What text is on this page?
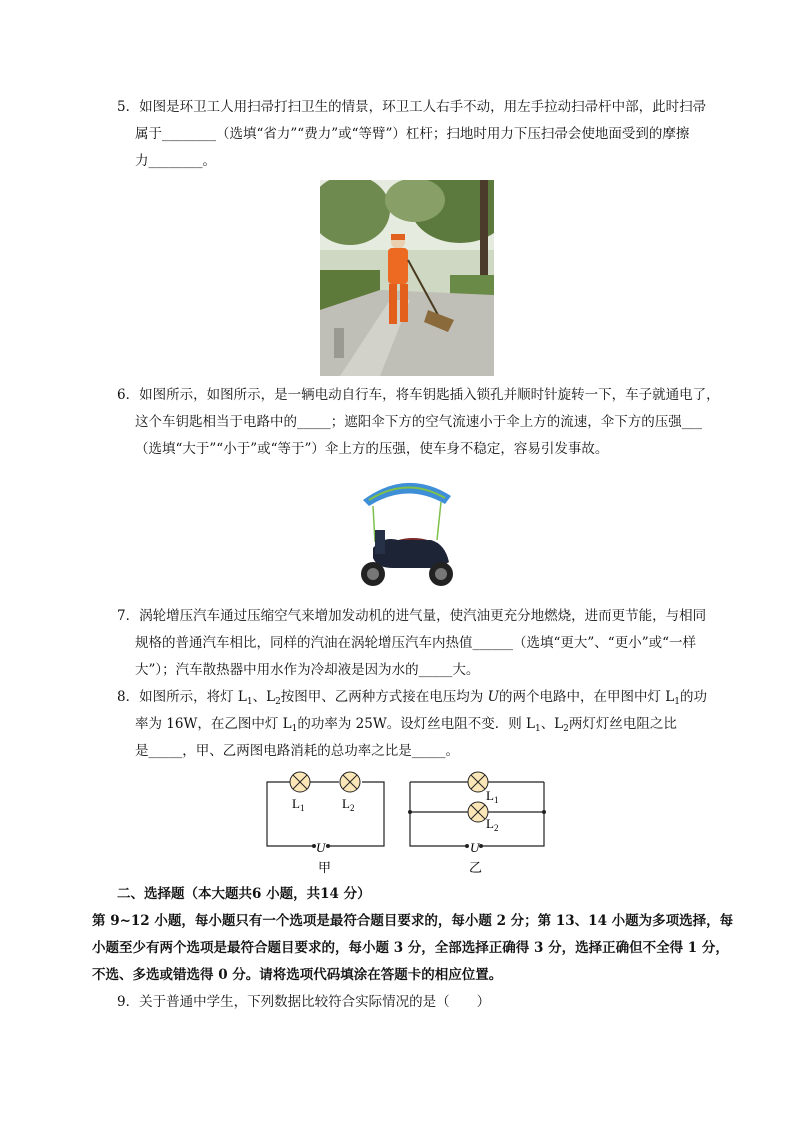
5．如图是环卫工人用扫帚打扫卫生的情景，环卫工人右手不动，用左手拉动扫帚杆中部，此时扫帚
属于________（选填“省力”“费力”或“等臂”）杠杆；扫地时用力下压扫帚会使地面受到的摩擦
力________。
6．如图所示，如图所示，是一辆电动自行车，将车钥匙插入锁孔并顺时针旋转一下，车子就通电了，
这个车钥匙相当于电路中的_____；遮阳伞下方的空气流速小于伞上方的流速，伞下方的压强___
（选填“大于”“小于”或“等于”）伞上方的压强，使车身不稳定，容易引发事故。
7．涡轮增压汽车通过压缩空气来增加发动机的进气量，使汽油更充分地燃烧，进而更节能，与相同
规格的普通汽车相比，同样的汽油在涡轮增压汽车内热值______（选填“更大”、“更小”或“一样
大”）；汽车散热器中用水作为冷却液是因为水的_____大。
8．如图所示，将灯 $L_1$、$L_2$按图甲、乙两种方式接在电压均为 U的两个电路中，在甲图中灯 $L_1$的功
率为 16W，在乙图中灯 $L_1$的功率为 25W。设灯丝电阻不变．则 $L_1$、$L_2$两灯灯丝电阻之比
是_____，甲、乙两图电路消耗的总功率之比是_____。
$L_1$	$L_2$
U
甲
$L_1$
$L_2$
U
乙
二、选择题（本大题共6 小题，共14 分）
第 9~12 小题，每小题只有一个选项是最符合题目要求的，每小题 2 分；第 13、14 小题为多项选择，每
小题至少有两个选项是最符合题目要求的，每小题 3 分，全部选择正确得 3 分，选择正确但不全得 1 分，
不选、多选或错选得 0 分。请将选项代码填涂在答题卡的相应位置。
9．关于普通中学生，下列数据比较符合实际情况的是（　　）
